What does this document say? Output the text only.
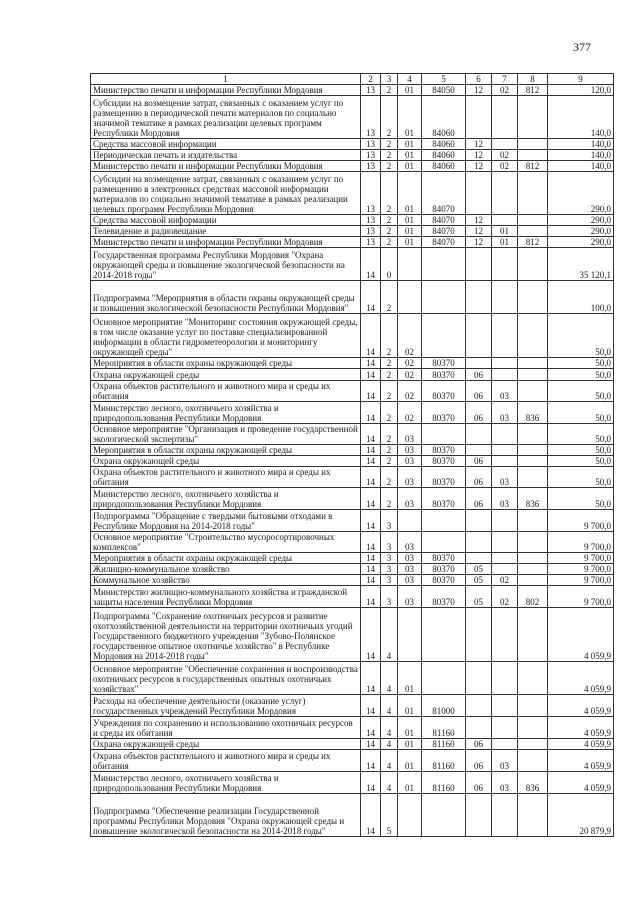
377
1	2	3	4	5	6	7	8	9
Министерство печати и информации Республики Мордовия	13	2	01	84050	12	02	812	120,0
Субсидии на возмещение затрат, связанных с оказанием услуг по размещению в периодической печати материалов по социально значимой тематике в рамках реализации целевых программ Республики Мордовия	13	2	01	84060				140,0
Средства массовой информации	13	2	01	84060	12			140,0
Периодическая печать и издательства	13	2	01	84060	12	02		140,0
Министерство печати и информации Республики Мордовия	13	2	01	84060	12	02	812	140,0
Субсидии на возмещение затрат, связанных с оказанием услуг по размещению в электронных средствах массовой информации материалов по социально значимой тематике в рамках реализации целевых программ Республики Мордовия	13	2	01	84070				290,0
Средства массовой информации	13	2	01	84070	12			290,0
Телевидение и радиовещание	13	2	01	84070	12	01		290,0
Министерство печати и информации Республики Мордовия	13	2	01	84070	12	01	812	290,0
Государственная программа Республики Мордовия "Охрана окружающей среды и повышение экологической безопасности на 2014-2018 годы"	14	0						35 120,1
Подпрограмма "Мероприятия в области охраны окружающей среды и повышения экологической безопасности Республики Мордовия"	14	2						100,0
Основное мероприятие "Мониторинг состояния окружающей среды, в том числе оказание услуг по поставке специализированной информации в области гидрометеорологии и мониторингу окружающей среды"	14	2	02					50,0
Мероприятия в области охраны окружающей среды	14	2	02	80370				50,0
Охрана окружающей среды	14	2	02	80370	06			50,0
Охрана объектов растительного и животного мира и среды их обитания	14	2	02	80370	06	03		50,0
Министерство лесного, охотничьего хозяйства и природопользования Республики Мордовия	14	2	02	80370	06	03	836	50,0
Основное мероприятие "Организация и проведение государственной экологической экспертизы"	14	2	03					50,0
Мероприятия в области охраны окружающей среды	14	2	03	80370				50,0
Охрана окружающей среды	14	2	03	80370	06			50,0
Охрана объектов растительного и животного мира и среды их обитания	14	2	03	80370	06	03		50,0
Министерство лесного, охотничьего хозяйства и природопользования Республики Мордовия	14	2	03	80370	06	03	836	50,0
Подпрограмма "Обращение с твердыми бытовыми отходами в Республике Мордовия на 2014-2018 годы"	14	3						9 700,0
Основное мероприятие "Строительство мусоросортировочных комплексов"	14	3	03					9 700,0
Мероприятия в области охраны окружающей среды	14	3	03	80370				9 700,0
Жилищно-коммунальное хозяйство	14	3	03	80370	05			9 700,0
Коммунальное хозяйство	14	3	03	80370	05	02		9 700,0
Министерство жилищно-коммунального хозяйства и гражданской защиты населения Республики Мордовия	14	3	03	80370	05	02	802	9 700,0
Подпрограмма "Сохранение охотничьих ресурсов и развитие охотхозяйственной деятельности на территории охотничьих угодий Государственного бюджетного учреждения "Зубово-Полянское государственное опытное охотничье хозяйство" в Республике Мордовия на 2014-2018 годы"	14	4						4 059,9
Основное мероприятие "Обеспечение сохранения и воспроизводства охотничьих ресурсов в государственных опытных охотничьих хозяйствах"	14	4	01					4 059,9
Расходы на обеспечение деятельности (оказание услуг) государственных учреждений Республики Мордовия	14	4	01	81000				4 059,9
Учреждения по сохранению и использованию охотничьих ресурсов и среды их обитания	14	4	01	81160				4 059,9
Охрана окружающей среды	14	4	01	81160	06			4 059,9
Охрана объектов растительного и животного мира и среды их обитания	14	4	01	81160	06	03		4 059,9
Министерство лесного, охотничьего хозяйства и природопользования Республики Мордовия	14	4	01	81160	06	03	836	4 059,9
Подпрограмма "Обеспечение реализации Государственной программы Республики Мордовия "Охрана окружающей среды и повышение экологической безопасности на 2014-2018 годы"	14	5						20 879,9
